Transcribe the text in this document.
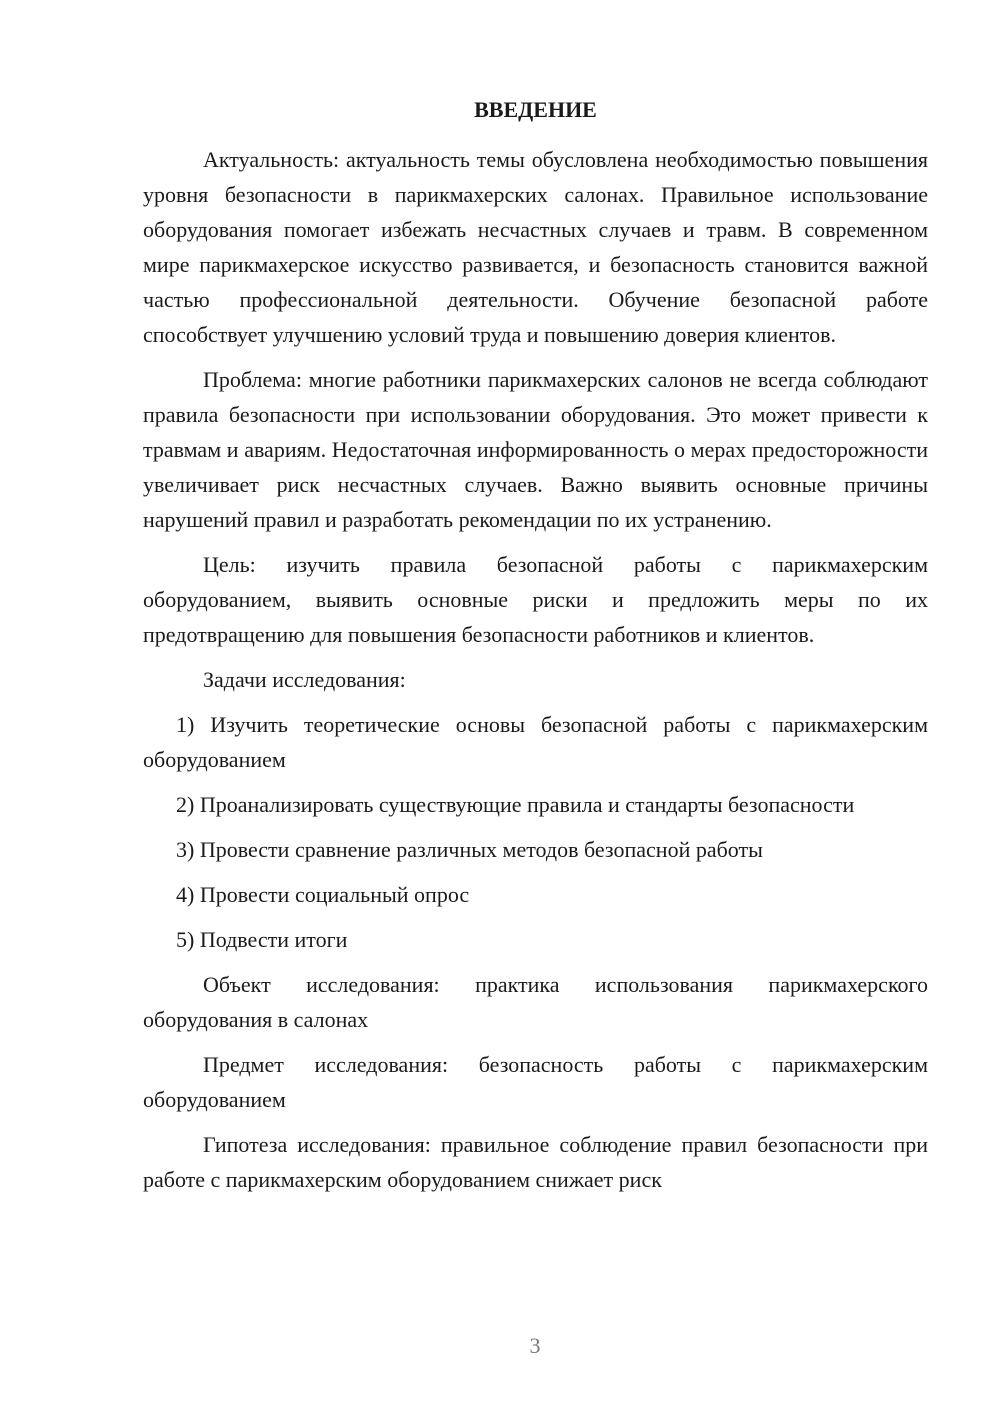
ВВЕДЕНИЕ

Актуальность: актуальность темы обусловлена необходимостью повышения уровня безопасности в парикмахерских салонах. Правильное использование оборудования помогает избежать несчастных случаев и травм. В современном мире парикмахерское искусство развивается, и безопасность становится важной частью профессиональной деятельности. Обучение безопасной работе способствует улучшению условий труда и повышению доверия клиентов.

Проблема: многие работники парикмахерских салонов не всегда соблюдают правила безопасности при использовании оборудования. Это может привести к травмам и авариям. Недостаточная информированность о мерах предосторожности увеличивает риск несчастных случаев. Важно выявить основные причины нарушений правил и разработать рекомендации по их устранению.

Цель: изучить правила безопасной работы с парикмахерским оборудованием, выявить основные риски и предложить меры по их предотвращению для повышения безопасности работников и клиентов.

Задачи исследования:

1) Изучить теоретические основы безопасной работы с парикмахерским оборудованием

2) Проанализировать существующие правила и стандарты безопасности

3) Провести сравнение различных методов безопасной работы

4) Провести социальный опрос

5) Подвести итоги

Объект исследования: практика использования парикмахерского оборудования в салонах

Предмет исследования: безопасность работы с парикмахерским оборудованием

Гипотеза исследования: правильное соблюдение правил безопасности при работе с парикмахерским оборудованием снижает риск

3
